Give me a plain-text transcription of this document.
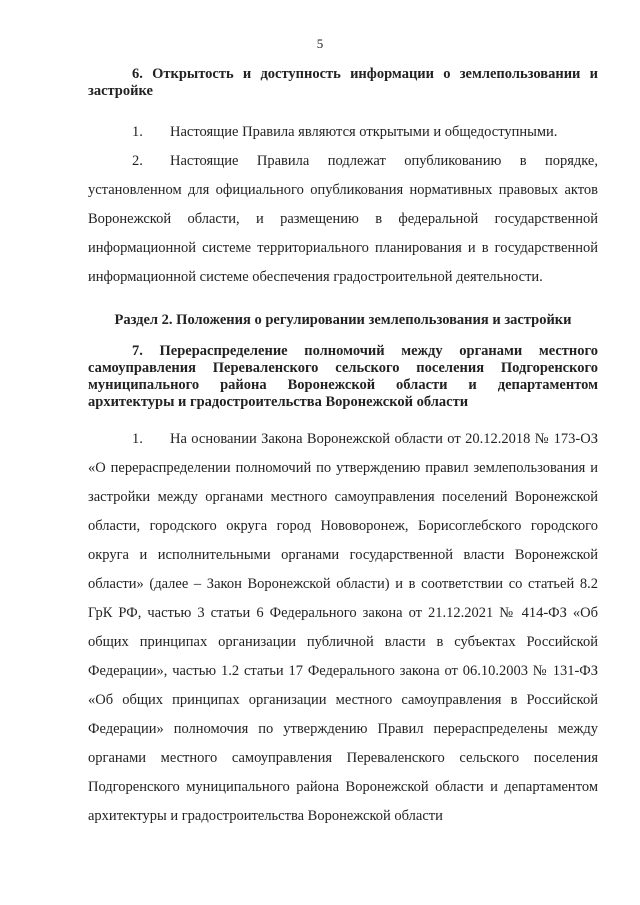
5
6. Открытость и доступность информации о землепользовании и застройке
1. Настоящие Правила являются открытыми и общедоступными.
2. Настоящие Правила подлежат опубликованию в порядке, установленном для официального опубликования нормативных правовых актов Воронежской области, и размещению в федеральной государственной информационной системе территориального планирования и в государственной информационной системе обеспечения градостроительной деятельности.
Раздел 2. Положения о регулировании землепользования и застройки
7. Перераспределение полномочий между органами местного самоуправления Переваленского сельского поселения Подгоренского муниципального района Воронежской области и департаментом архитектуры и градостроительства Воронежской области
1. На основании Закона Воронежской области от 20.12.2018 № 173-ОЗ «О перераспределении полномочий по утверждению правил землепользования и застройки между органами местного самоуправления поселений Воронежской области, городского округа город Нововоронеж, Борисоглебского городского округа и исполнительными органами государственной власти Воронежской области» (далее – Закон Воронежской области) и в соответствии со статьей 8.2 ГрК РФ, частью 3 статьи 6 Федерального закона от 21.12.2021 № 414-ФЗ «Об общих принципах организации публичной власти в субъектах Российской Федерации», частью 1.2 статьи 17 Федерального закона от 06.10.2003 № 131-ФЗ «Об общих принципах организации местного самоуправления в Российской Федерации» полномочия по утверждению Правил перераспределены между органами местного самоуправления Переваленского сельского поселения Подгоренского муниципального района Воронежской области и департаментом архитектуры и градостроительства Воронежской области
